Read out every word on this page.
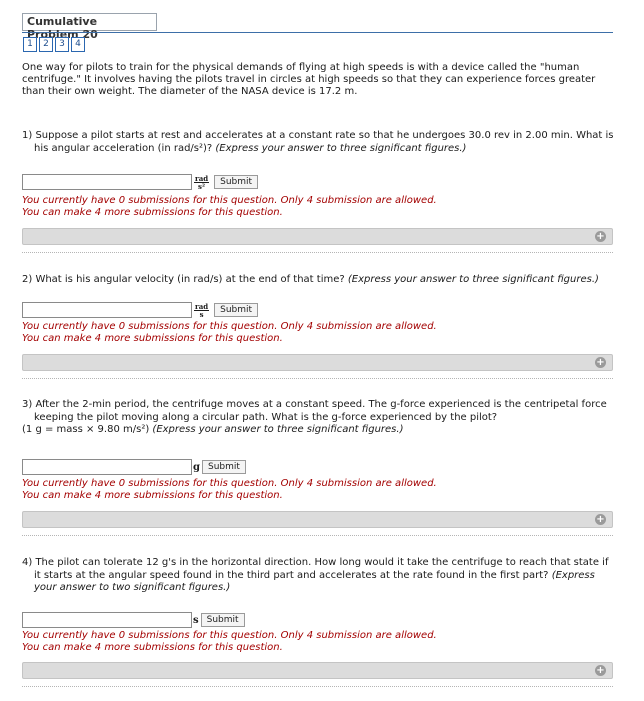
Cumulative Problem 20
1	2	3	4
One way for pilots to train for the physical demands of flying at high speeds is with a device called the "human centrifuge." It involves having the pilots travel in circles at high speeds so that they can experience forces greater than their own weight. The diameter of the NASA device is 17.2 m.
1) Suppose a pilot starts at rest and accelerates at a constant rate so that he undergoes 30.0 rev in 2.00 min. What is his angular acceleration (in rad/s²)? (Express your answer to three significant figures.)
$\frac{\text{rad}}{\text{s²}}$	Submit
You currently have 0 submissions for this question. Only 4 submission are allowed.
You can make 4 more submissions for this question.
+
2) What is his angular velocity (in rad/s) at the end of that time? (Express your answer to three significant figures.)
$\frac{\text{rad}}{s}$	Submit
You currently have 0 submissions for this question. Only 4 submission are allowed.
You can make 4 more submissions for this question.
+
3) After the 2-min period, the centrifuge moves at a constant speed. The g-force experienced is the centripetal force keeping the pilot moving along a circular path. What is the g-force experienced by the pilot?
(1 g = mass × 9.80 m/s²) (Express your answer to three significant figures.)
g Submit
You currently have 0 submissions for this question. Only 4 submission are allowed.
You can make 4 more submissions for this question.
+
4) The pilot can tolerate 12 g's in the horizontal direction. How long would it take the centrifuge to reach that state if it starts at the angular speed found in the third part and accelerates at the rate found in the first part? (Express your answer to two significant figures.)
s Submit
You currently have 0 submissions for this question. Only 4 submission are allowed.
You can make 4 more submissions for this question.
+
